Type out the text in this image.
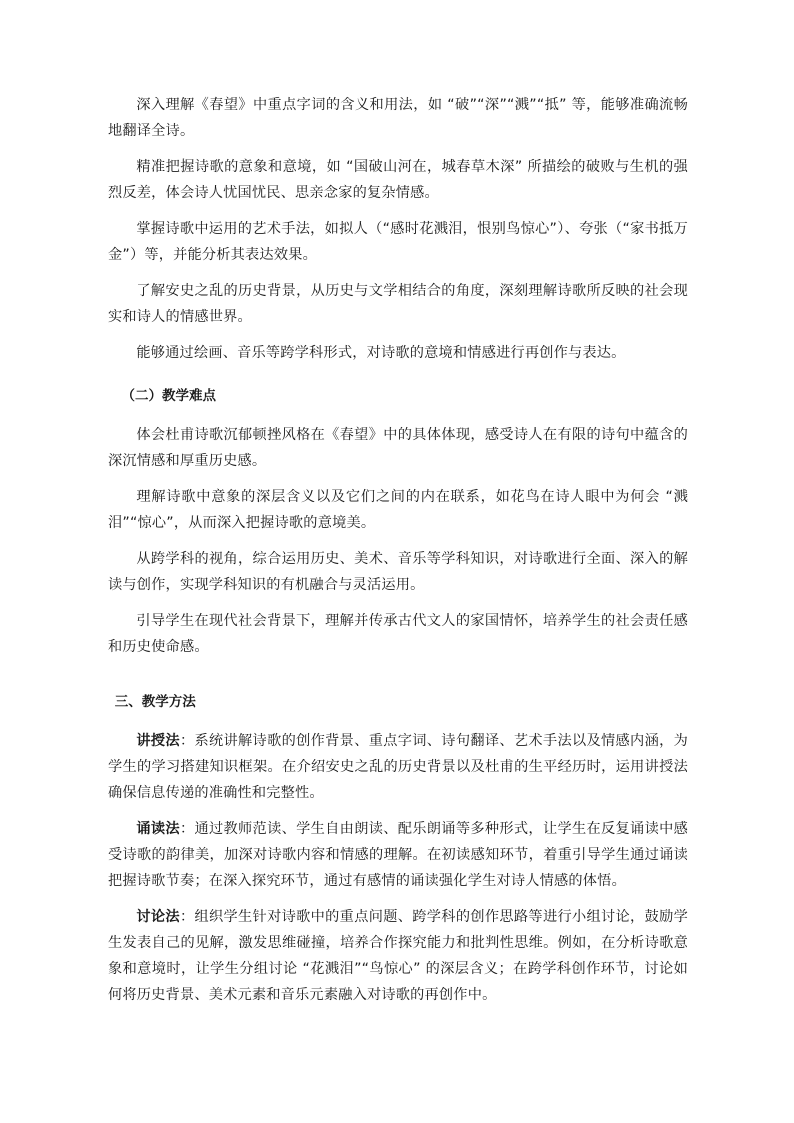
深入理解《春望》中重点字词的含义和用法，如 “破”“深”“溅”“抵” 等，能够准确流畅地翻译全诗。

精准把握诗歌的意象和意境，如 “国破山河在，城春草木深” 所描绘的破败与生机的强烈反差，体会诗人忧国忧民、思亲念家的复杂情感。

掌握诗歌中运用的艺术手法，如拟人（“感时花溅泪，恨别鸟惊心”）、夸张（“家书抵万金”）等，并能分析其表达效果。

了解安史之乱的历史背景，从历史与文学相结合的角度，深刻理解诗歌所反映的社会现实和诗人的情感世界。

能够通过绘画、音乐等跨学科形式，对诗歌的意境和情感进行再创作与表达。

（二）教学难点

体会杜甫诗歌沉郁顿挫风格在《春望》中的具体体现，感受诗人在有限的诗句中蕴含的深沉情感和厚重历史感。

理解诗歌中意象的深层含义以及它们之间的内在联系，如花鸟在诗人眼中为何会 “溅泪”“惊心”，从而深入把握诗歌的意境美。

从跨学科的视角，综合运用历史、美术、音乐等学科知识，对诗歌进行全面、深入的解读与创作，实现学科知识的有机融合与灵活运用。

引导学生在现代社会背景下，理解并传承古代文人的家国情怀，培养学生的社会责任感和历史使命感。

三、教学方法

讲授法：系统讲解诗歌的创作背景、重点字词、诗句翻译、艺术手法以及情感内涵，为学生的学习搭建知识框架。在介绍安史之乱的历史背景以及杜甫的生平经历时，运用讲授法确保信息传递的准确性和完整性。

诵读法：通过教师范读、学生自由朗读、配乐朗诵等多种形式，让学生在反复诵读中感受诗歌的韵律美，加深对诗歌内容和情感的理解。在初读感知环节，着重引导学生通过诵读把握诗歌节奏；在深入探究环节，通过有感情的诵读强化学生对诗人情感的体悟。

讨论法：组织学生针对诗歌中的重点问题、跨学科的创作思路等进行小组讨论，鼓励学生发表自己的见解，激发思维碰撞，培养合作探究能力和批判性思维。例如，在分析诗歌意象和意境时，让学生分组讨论 “花溅泪”“鸟惊心” 的深层含义；在跨学科创作环节，讨论如何将历史背景、美术元素和音乐元素融入对诗歌的再创作中。
